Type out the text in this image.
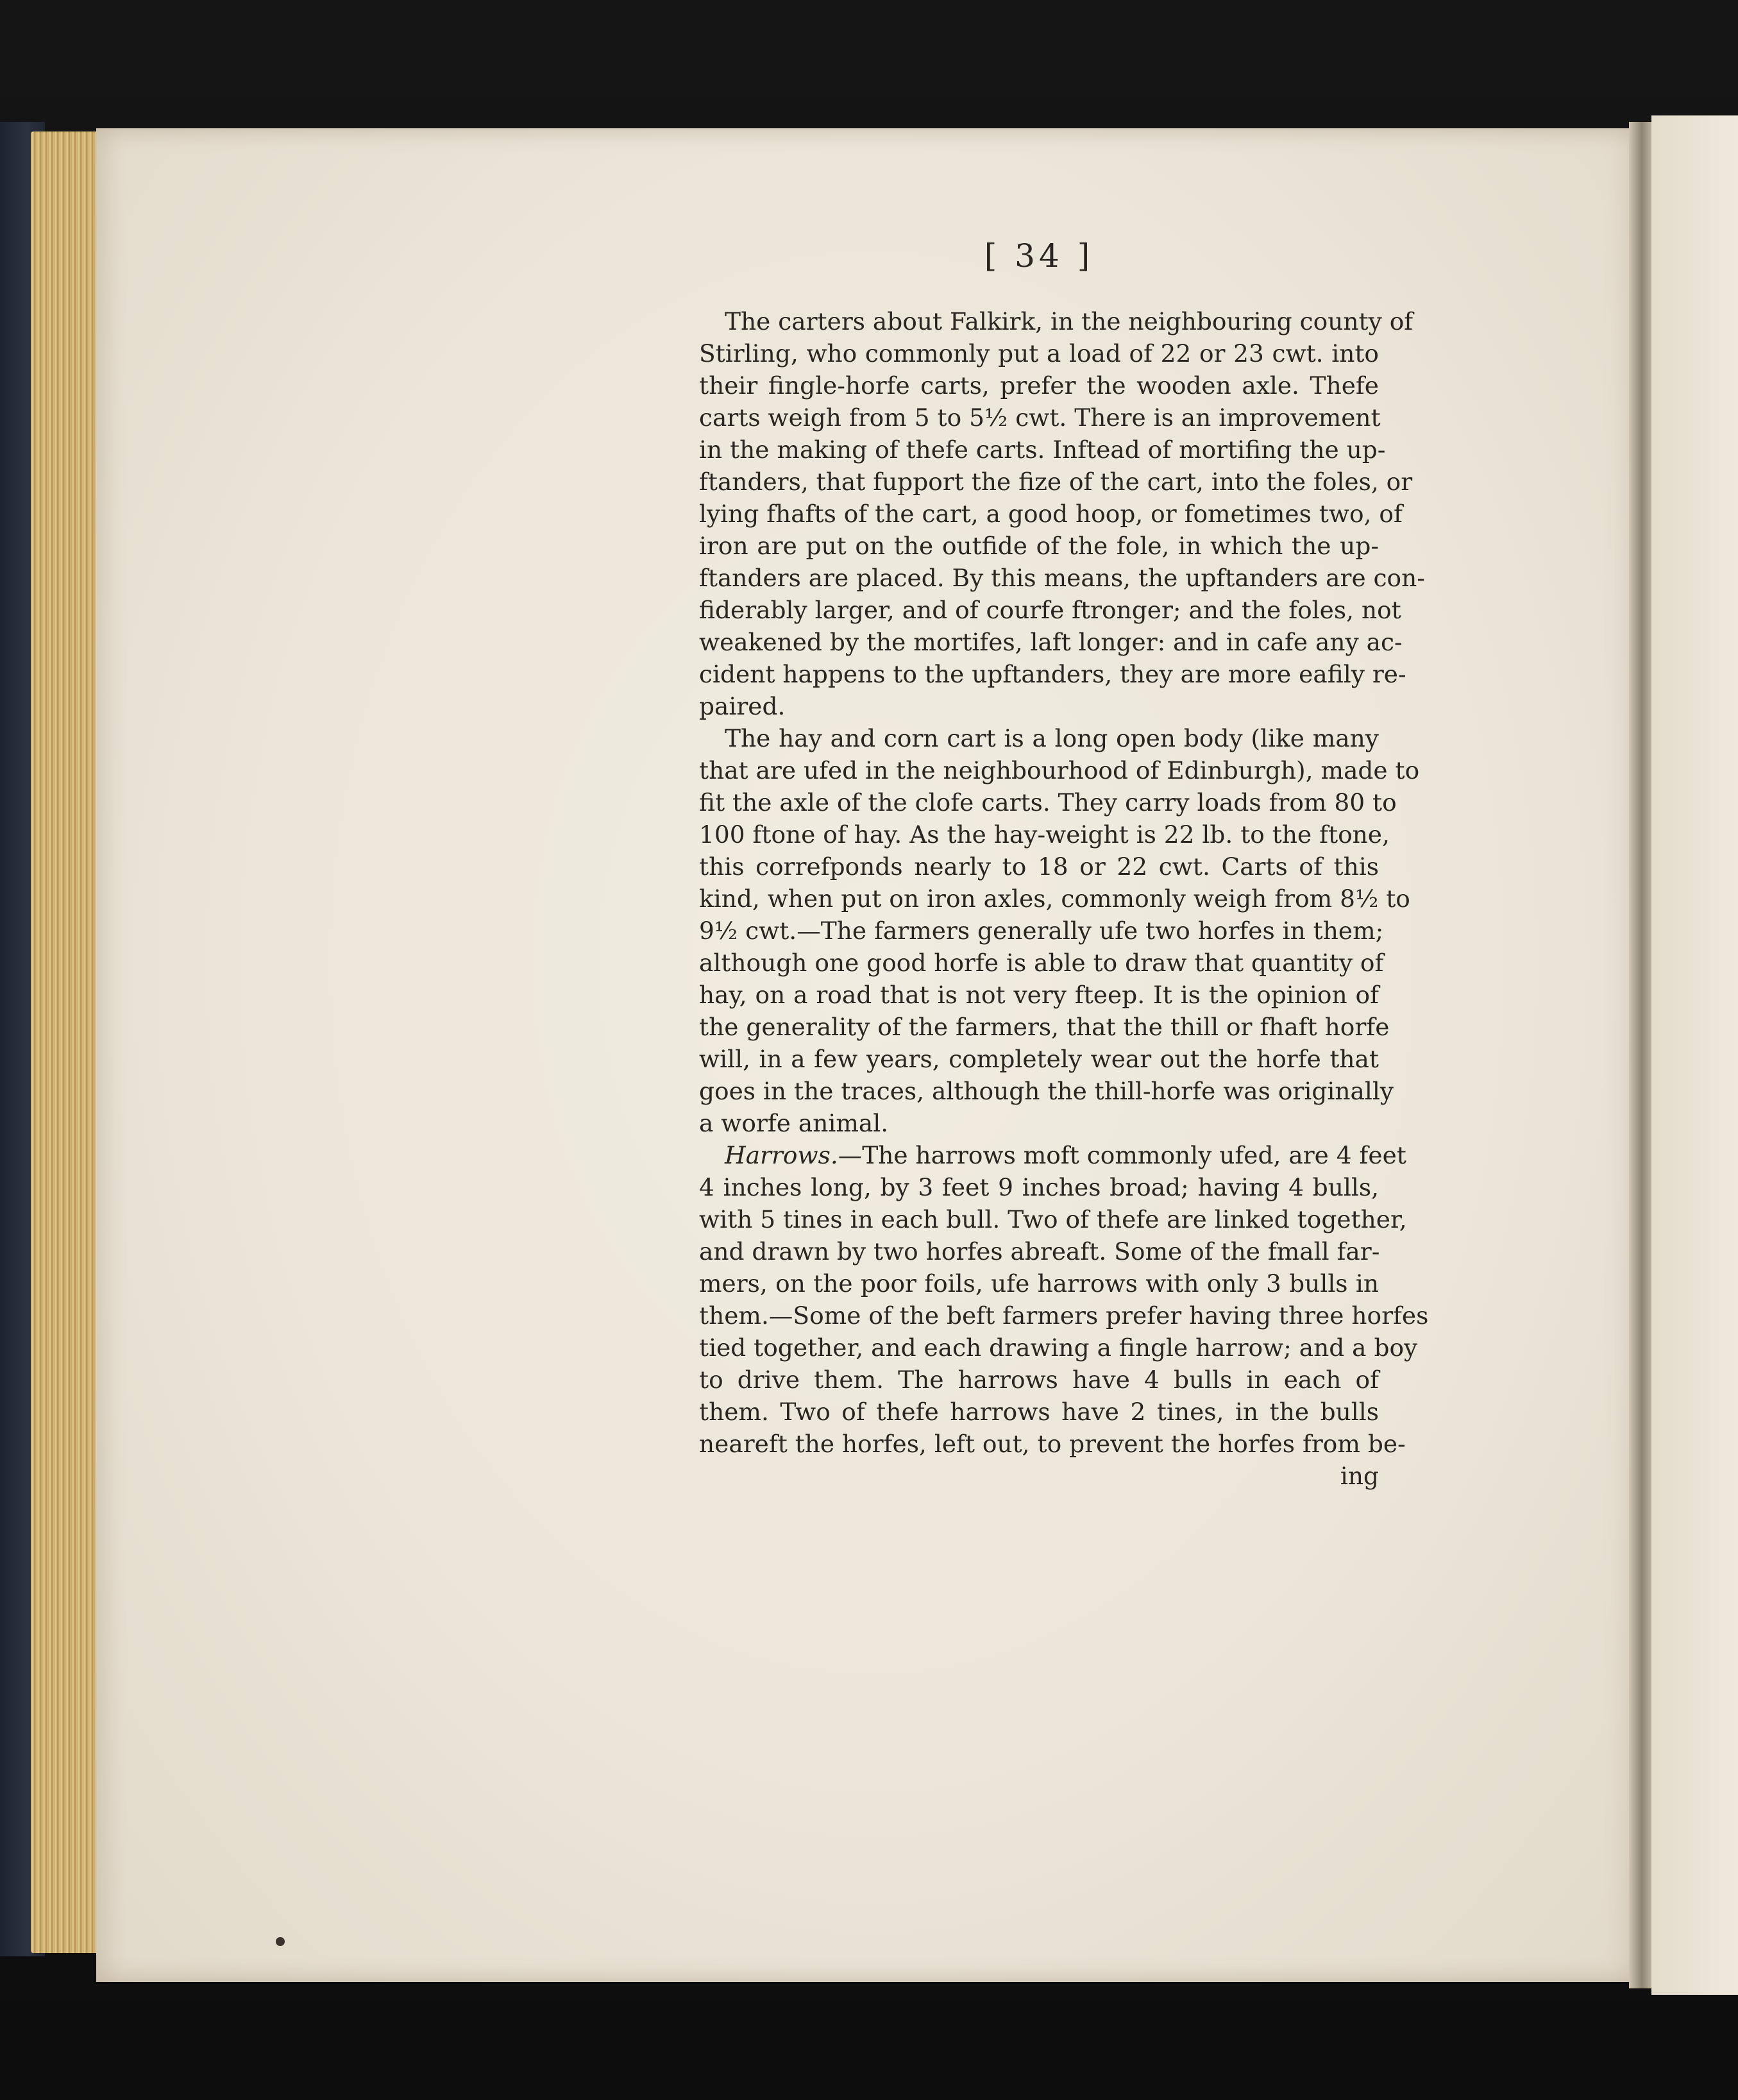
[ 34 ]
The carters about Falkirk, in the neighbouring county of
Stirling, who commonly put a load of 22 or 23 cwt. into
their fingle-horfe carts, prefer the wooden axle. Thefe
carts weigh from 5 to 5½ cwt. There is an improvement
in the making of thefe carts. Inftead of mortifing the up-
ftanders, that fupport the fize of the cart, into the foles, or
lying fhafts of the cart, a good hoop, or fometimes two, of
iron are put on the outfide of the fole, in which the up-
ftanders are placed. By this means, the upftanders are con-
fiderably larger, and of courfe ftronger; and the foles, not
weakened by the mortifes, laft longer: and in cafe any ac-
cident happens to the upftanders, they are more eafily re-
paired.
The hay and corn cart is a long open body (like many
that are ufed in the neighbourhood of Edinburgh), made to
fit the axle of the clofe carts. They carry loads from 80 to
100 ftone of hay. As the hay-weight is 22 lb. to the ftone,
this correfponds nearly to 18 or 22 cwt. Carts of this
kind, when put on iron axles, commonly weigh from 8½ to
9½ cwt.—The farmers generally ufe two horfes in them;
although one good horfe is able to draw that quantity of
hay, on a road that is not very fteep. It is the opinion of
the generality of the farmers, that the thill or fhaft horfe
will, in a few years, completely wear out the horfe that
goes in the traces, although the thill-horfe was originally
a worfe animal.
Harrows.—The harrows moft commonly ufed, are 4 feet
4 inches long, by 3 feet 9 inches broad; having 4 bulls,
with 5 tines in each bull. Two of thefe are linked together,
and drawn by two horfes abreaft. Some of the fmall far-
mers, on the poor foils, ufe harrows with only 3 bulls in
them.—Some of the beft farmers prefer having three horfes
tied together, and each drawing a fingle harrow; and a boy
to drive them. The harrows have 4 bulls in each of
them. Two of thefe harrows have 2 tines, in the bulls
neareft the horfes, left out, to prevent the horfes from be-
ing
